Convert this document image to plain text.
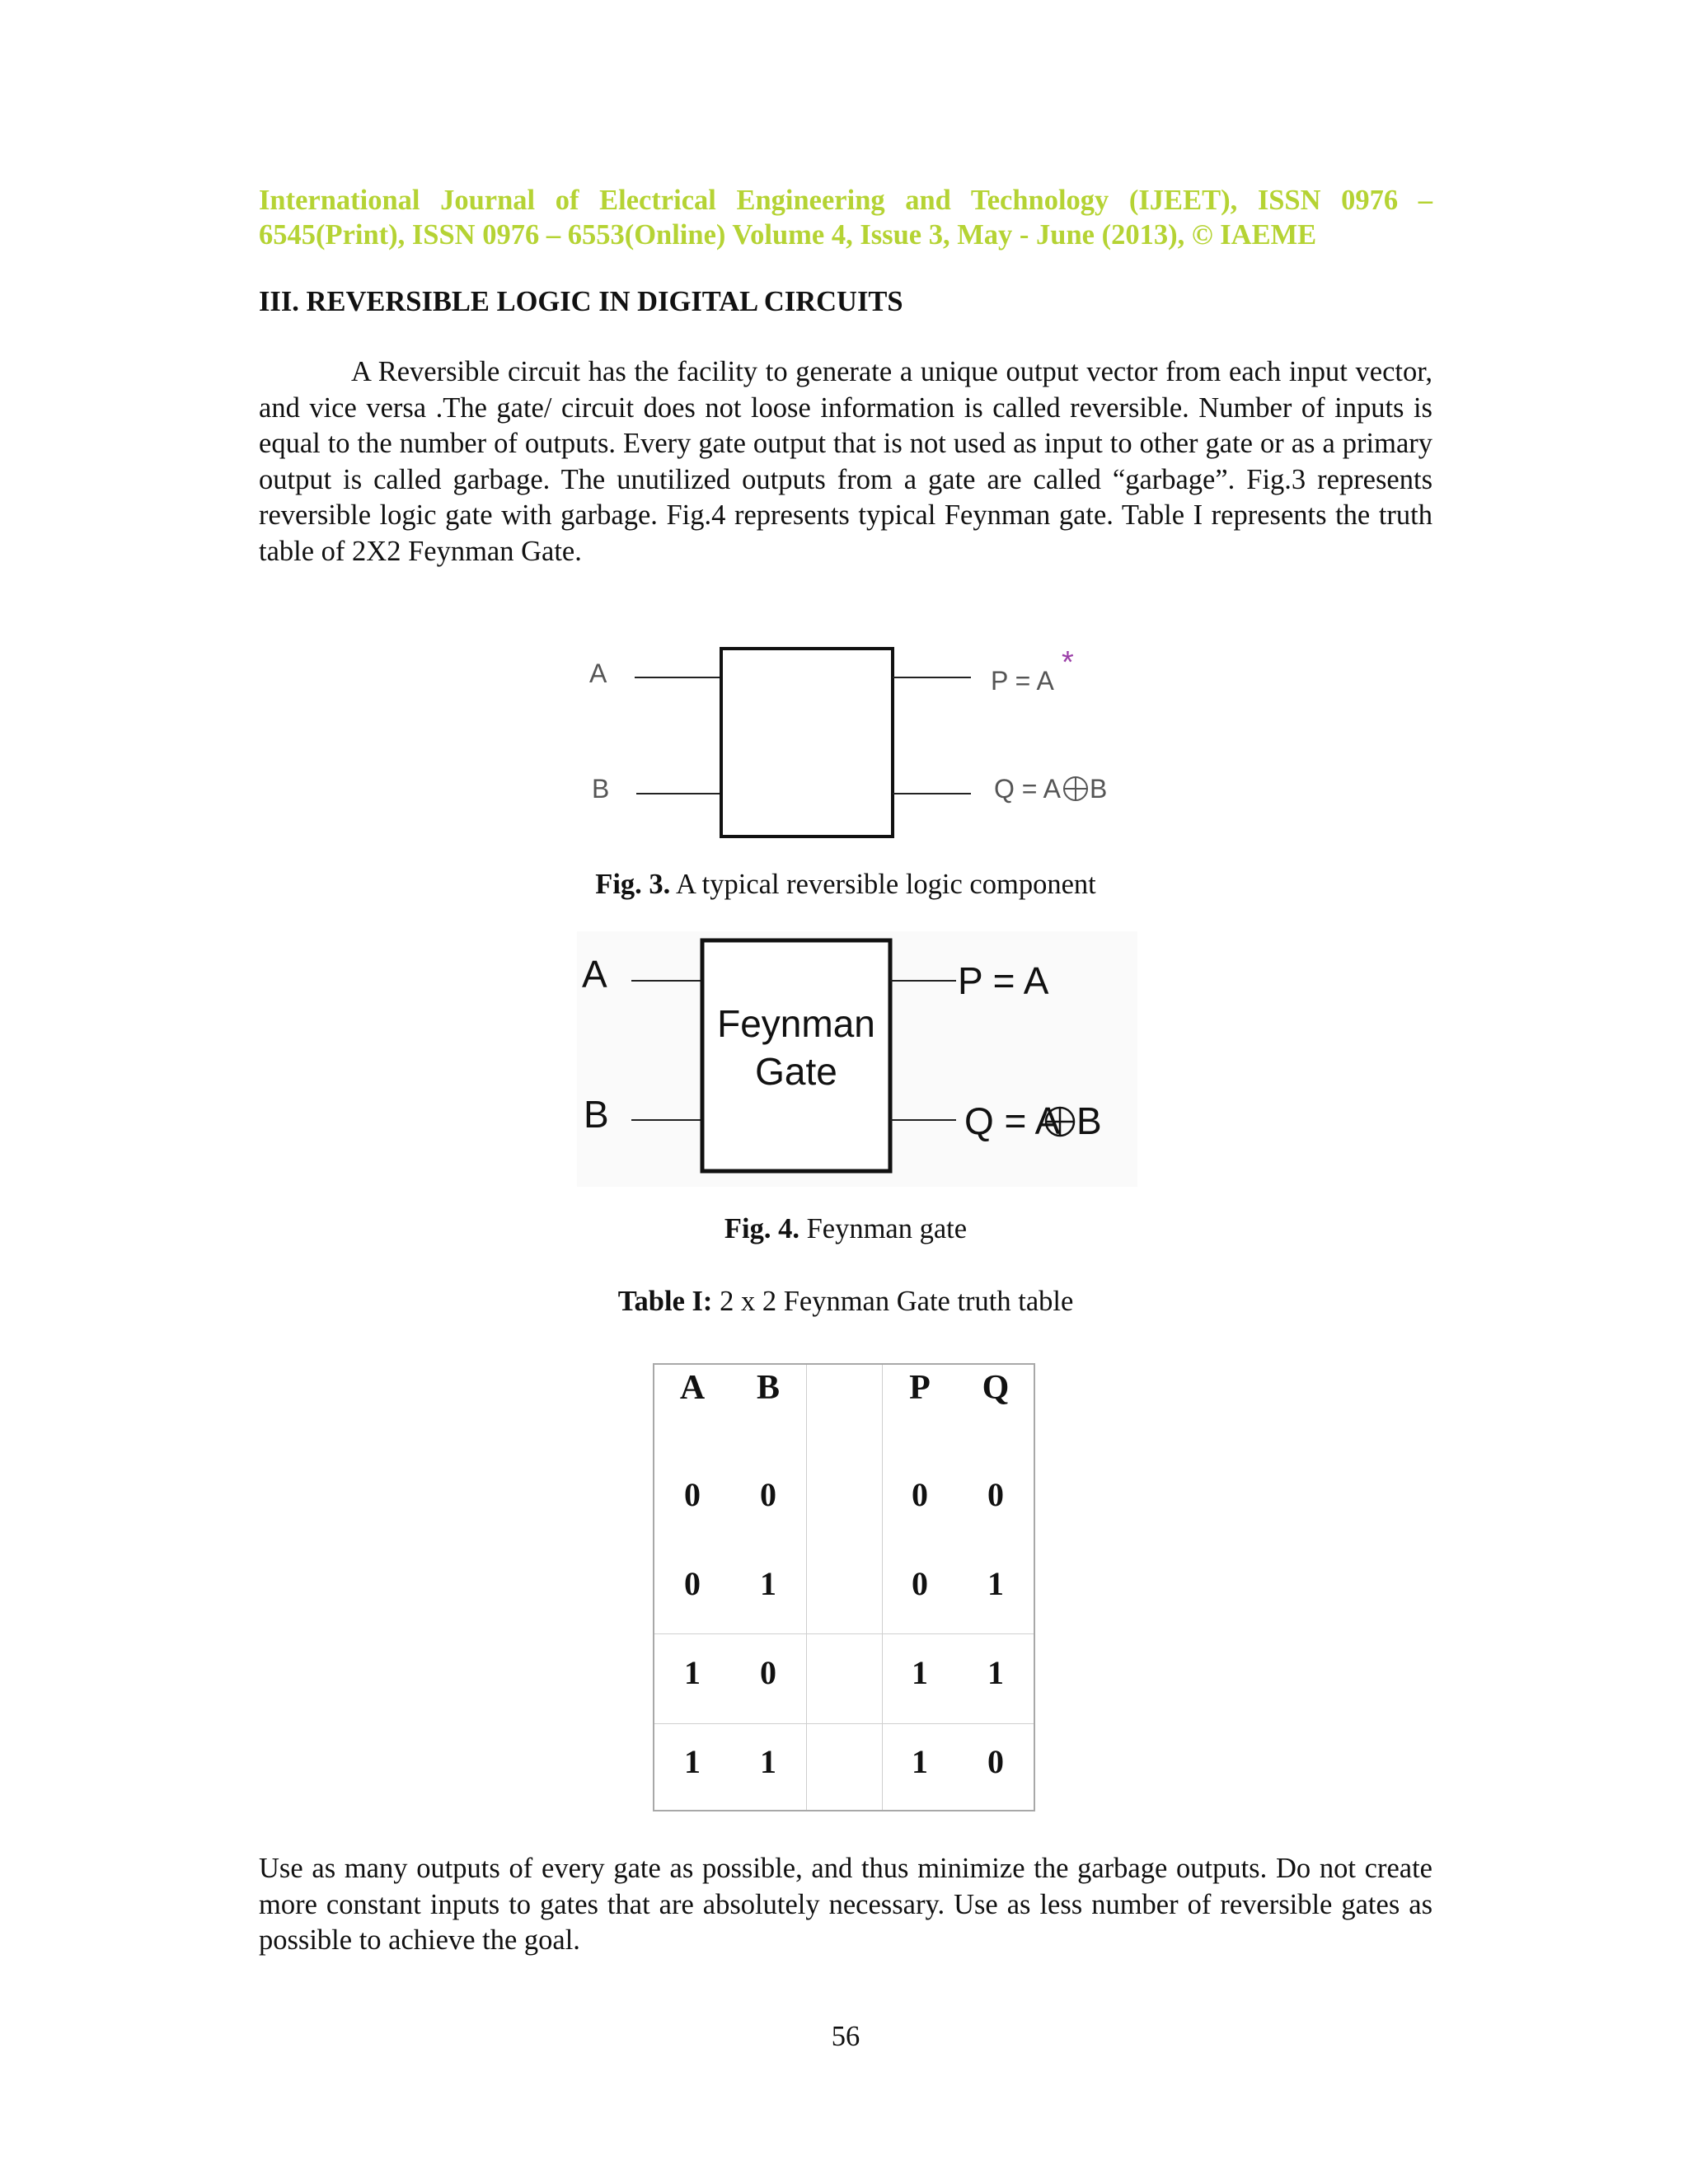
International Journal of Electrical Engineering and Technology (IJEET), ISSN 0976 – 6545(Print), ISSN 0976 – 6553(Online) Volume 4, Issue 3, May - June (2013), © IAEME
III. REVERSIBLE LOGIC IN DIGITAL CIRCUITS

A Reversible circuit has the facility to generate a unique output vector from each input vector, and vice versa .The gate/ circuit does not loose information is called reversible. Number of inputs is equal to the number of outputs. Every gate output that is not used as input to other gate or as a primary output is called garbage. The unutilized outputs from a gate are called “garbage”. Fig.3 represents reversible logic gate with garbage. Fig.4 represents typical Feynman gate. Table I represents the truth table of 2X2 Feynman Gate.

A
B
P = A
*
Q = A B
Fig. 3. A typical reversible logic component
A
B
Feynman
Gate
P = A
Q = A B
Fig. 4. Feynman gate
Table I: 2 x 2 Feynman Gate truth table
A	B	P	Q
0	0	0	0
0	1	0	1
1	0	1	1
1	1	1	0

Use as many outputs of every gate as possible, and thus minimize the garbage outputs. Do not create more constant inputs to gates that are absolutely necessary. Use as less number of reversible gates as possible to achieve the goal.

56
